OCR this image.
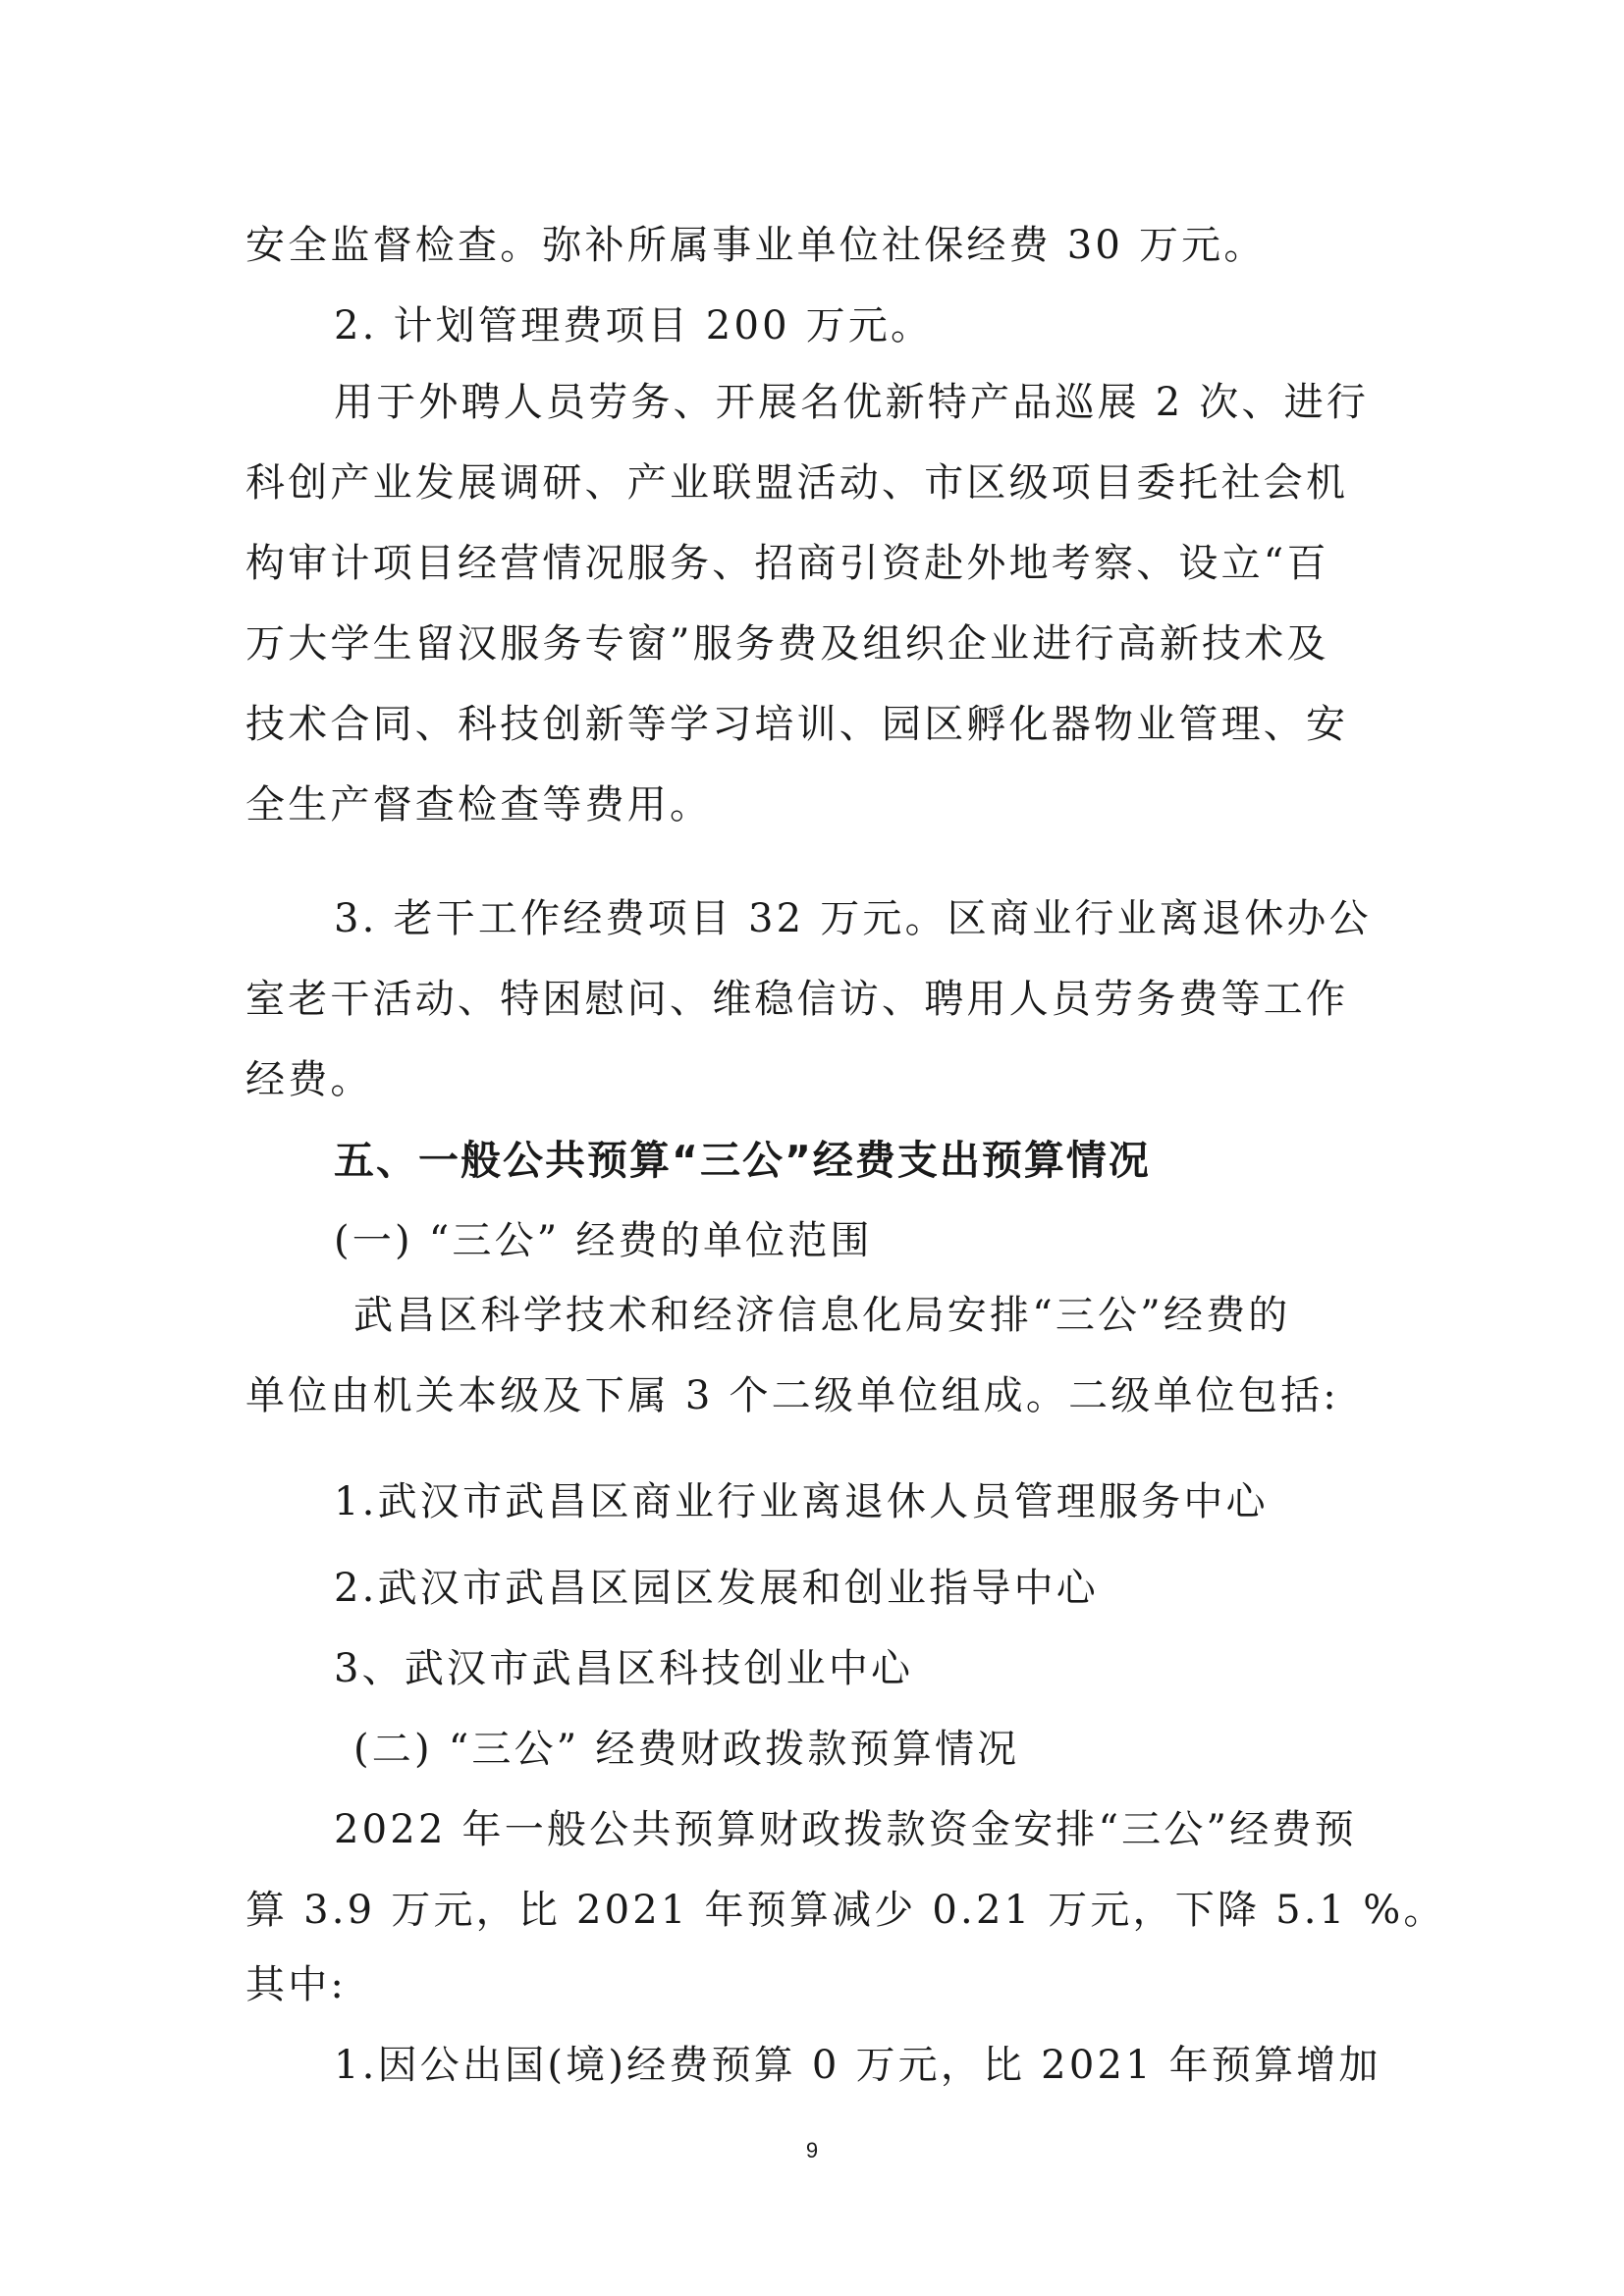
安全监督检查。弥补所属事业单位社保经费 30 万元。
2. 计划管理费项目 200 万元。
用于外聘人员劳务、开展名优新特产品巡展 2 次、进行
科创产业发展调研、产业联盟活动、市区级项目委托社会机
构审计项目经营情况服务、招商引资赴外地考察、设立“百
万大学生留汉服务专窗”服务费及组织企业进行高新技术及
技术合同、科技创新等学习培训、园区孵化器物业管理、安
全生产督查检查等费用。
3. 老干工作经费项目 32 万元。区商业行业离退休办公
室老干活动、特困慰问、维稳信访、聘用人员劳务费等工作
经费。
五、一般公共预算“三公”经费支出预算情况
(一) “三公” 经费的单位范围
武昌区科学技术和经济信息化局安排“三公”经费的
单位由机关本级及下属 3 个二级单位组成。二级单位包括:
1.武汉市武昌区商业行业离退休人员管理服务中心
2.武汉市武昌区园区发展和创业指导中心
3、武汉市武昌区科技创业中心
(二) “三公” 经费财政拨款预算情况
2022 年一般公共预算财政拨款资金安排“三公”经费预
算 3.9 万元，比 2021 年预算减少 0.21 万元，下降 5.1 %。
其中:
1.因公出国(境)经费预算 0 万元，比 2021 年预算增加
9
